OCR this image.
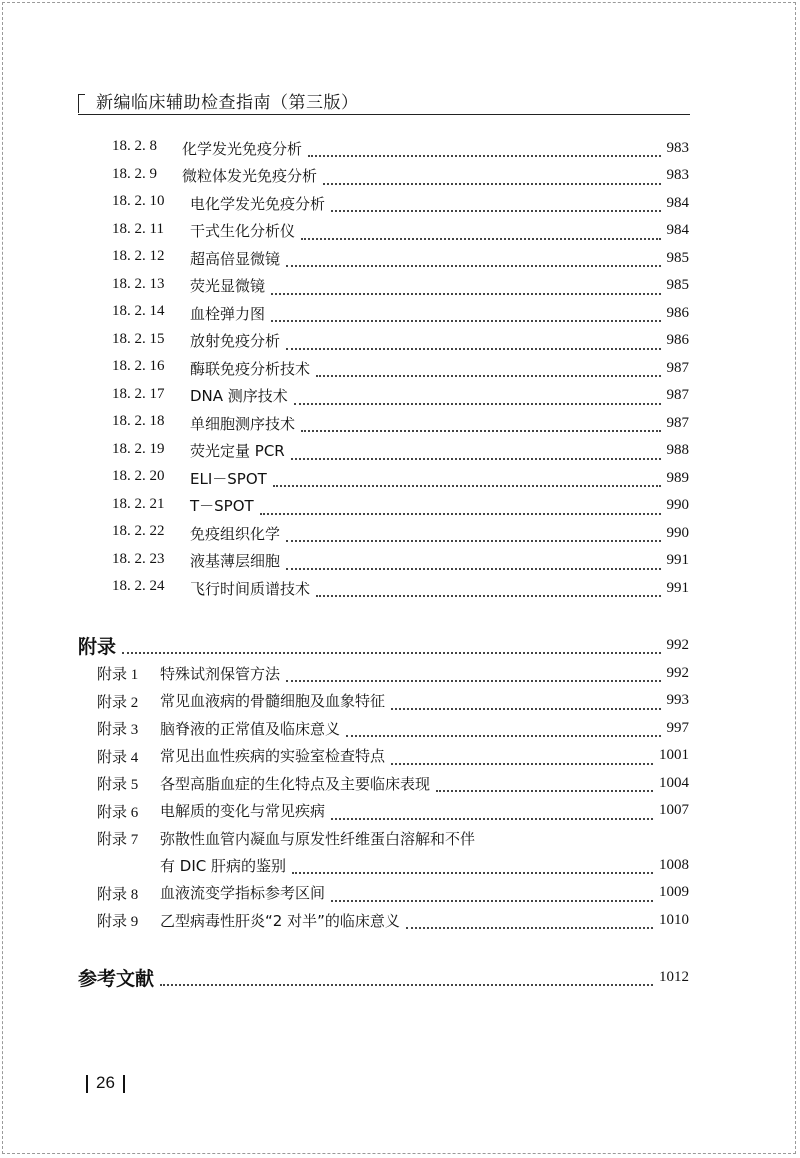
新编临床辅助检查指南（第三版）
18. 2. 8 化学发光免疫分析	983
18. 2. 9 微粒体发光免疫分析	983
18. 2. 10 电化学发光免疫分析	984
18. 2. 11 干式生化分析仪	984
18. 2. 12 超高倍显微镜	985
18. 2. 13 荧光显微镜	985
18. 2. 14 血栓弹力图	986
18. 2. 15 放射免疫分析	986
18. 2. 16 酶联免疫分析技术	987
18. 2. 17 DNA 测序技术	987
18. 2. 18 单细胞测序技术	987
18. 2. 19 荧光定量 PCR	988
18. 2. 20 ELI－SPOT	989
18. 2. 21 T－SPOT	990
18. 2. 22 免疫组织化学	990
18. 2. 23 液基薄层细胞	991
18. 2. 24 飞行时间质谱技术	991
附录	992
附录 1 特殊试剂保管方法	992
附录 2 常见血液病的骨髓细胞及血象特征	993
附录 3 脑脊液的正常值及临床意义	997
附录 4 常见出血性疾病的实验室检查特点	1001
附录 5 各型高脂血症的生化特点及主要临床表现	1004
附录 6 电解质的变化与常见疾病	1007
附录 7 弥散性血管内凝血与原发性纤维蛋白溶解和不伴
有 DIC 肝病的鉴别	1008
附录 8 血液流变学指标参考区间	1009
附录 9 乙型病毒性肝炎“2 对半”的临床意义	1010
参考文献	1012
26
